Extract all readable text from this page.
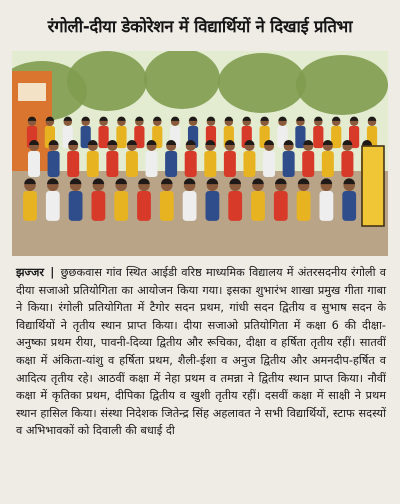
रंगोली-दीया डेकोरेशन में विद्यार्थियों ने दिखाई प्रतिभा
झज्जर | छुछकवास गांव स्थित आईडी वरिष्ठ माध्यमिक विद्यालय में अंतरसदनीय रंगोली व दीया सजाओ प्रतियोगिता का आयोजन किया गया। इसका शुभारंभ शाखा प्रमुख गीता गाबा ने किया। रंगोली प्रतियोगिता में टैगोर सदन प्रथम, गांधी सदन द्वितीय व सुभाष सदन के विद्यार्थियों ने तृतीय स्थान प्राप्त किया। दीया सजाओ प्रतियोगिता में कक्षा 6 की दीक्षा-अनुष्का प्रथम रीया, पावनी-दिव्या द्वितीय और रूचिका, दीक्षा व हर्षिता तृतीय रहीं। सातवीं कक्षा में अंकिता-यांशु व हर्षिता प्रथम, शैली-ईशा व अनुज द्वितीय और अमनदीप-हर्षित व आदित्य तृतीय रहे। आठवीं कक्षा में नेहा प्रथम व तमन्ना ने द्वितीय स्थान प्राप्त किया। नौवीं कक्षा में कृतिका प्रथम, दीपिका द्वितीय व खुशी तृतीय रहीं। दसवीं कक्षा में साक्षी ने प्रथम स्थान हासिल किया। संस्था निदेशक जितेन्द्र सिंह अहलावत ने सभी विद्यार्थियों, स्टाफ सदस्यों व अभिभावकों को दिवाली की बधाई दी
